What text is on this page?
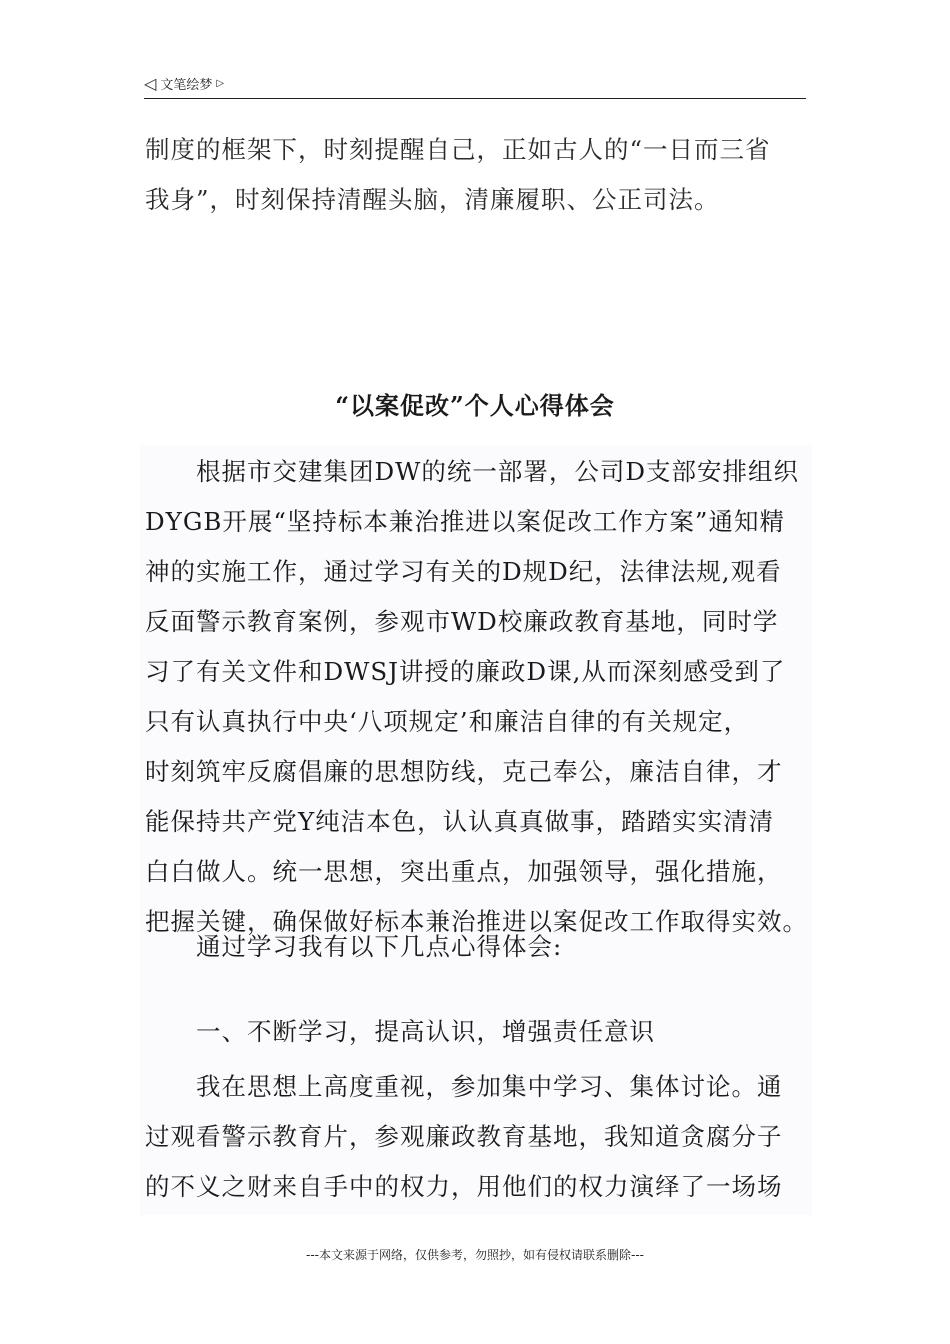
◁ 文笔绘梦 ▷

制度的框架下，时刻提醒自己，正如古人的“一日而三省
我身”，时刻保持清醒头脑，清廉履职、公正司法。

“以案促改”个人心得体会

　　根据市交建集团DW的统一部署，公司D支部安排组织
DYGB开展“坚持标本兼治推进以案促改工作方案”通知精
神的实施工作，通过学习有关的D规D纪，法律法规,观看
反面警示教育案例，参观市WD校廉政教育基地，同时学
习了有关文件和DWSJ讲授的廉政D课,从而深刻感受到了
只有认真执行中央‘八项规定’和廉洁自律的有关规定，
时刻筑牢反腐倡廉的思想防线，克己奉公，廉洁自律，才
能保持共产党Y纯洁本色，认认真真做事，踏踏实实清清
白白做人。统一思想，突出重点，加强领导，强化措施，
把握关键，确保做好标本兼治推进以案促改工作取得实效。

　　通过学习我有以下几点心得体会:

　　一、不断学习，提高认识，增强责任意识

　　我在思想上高度重视，参加集中学习、集体讨论。通
过观看警示教育片，参观廉政教育基地，我知道贪腐分子
的不义之财来自手中的权力，用他们的权力演绎了一场场

---本文来源于网络，仅供参考，勿照抄，如有侵权请联系删除---
